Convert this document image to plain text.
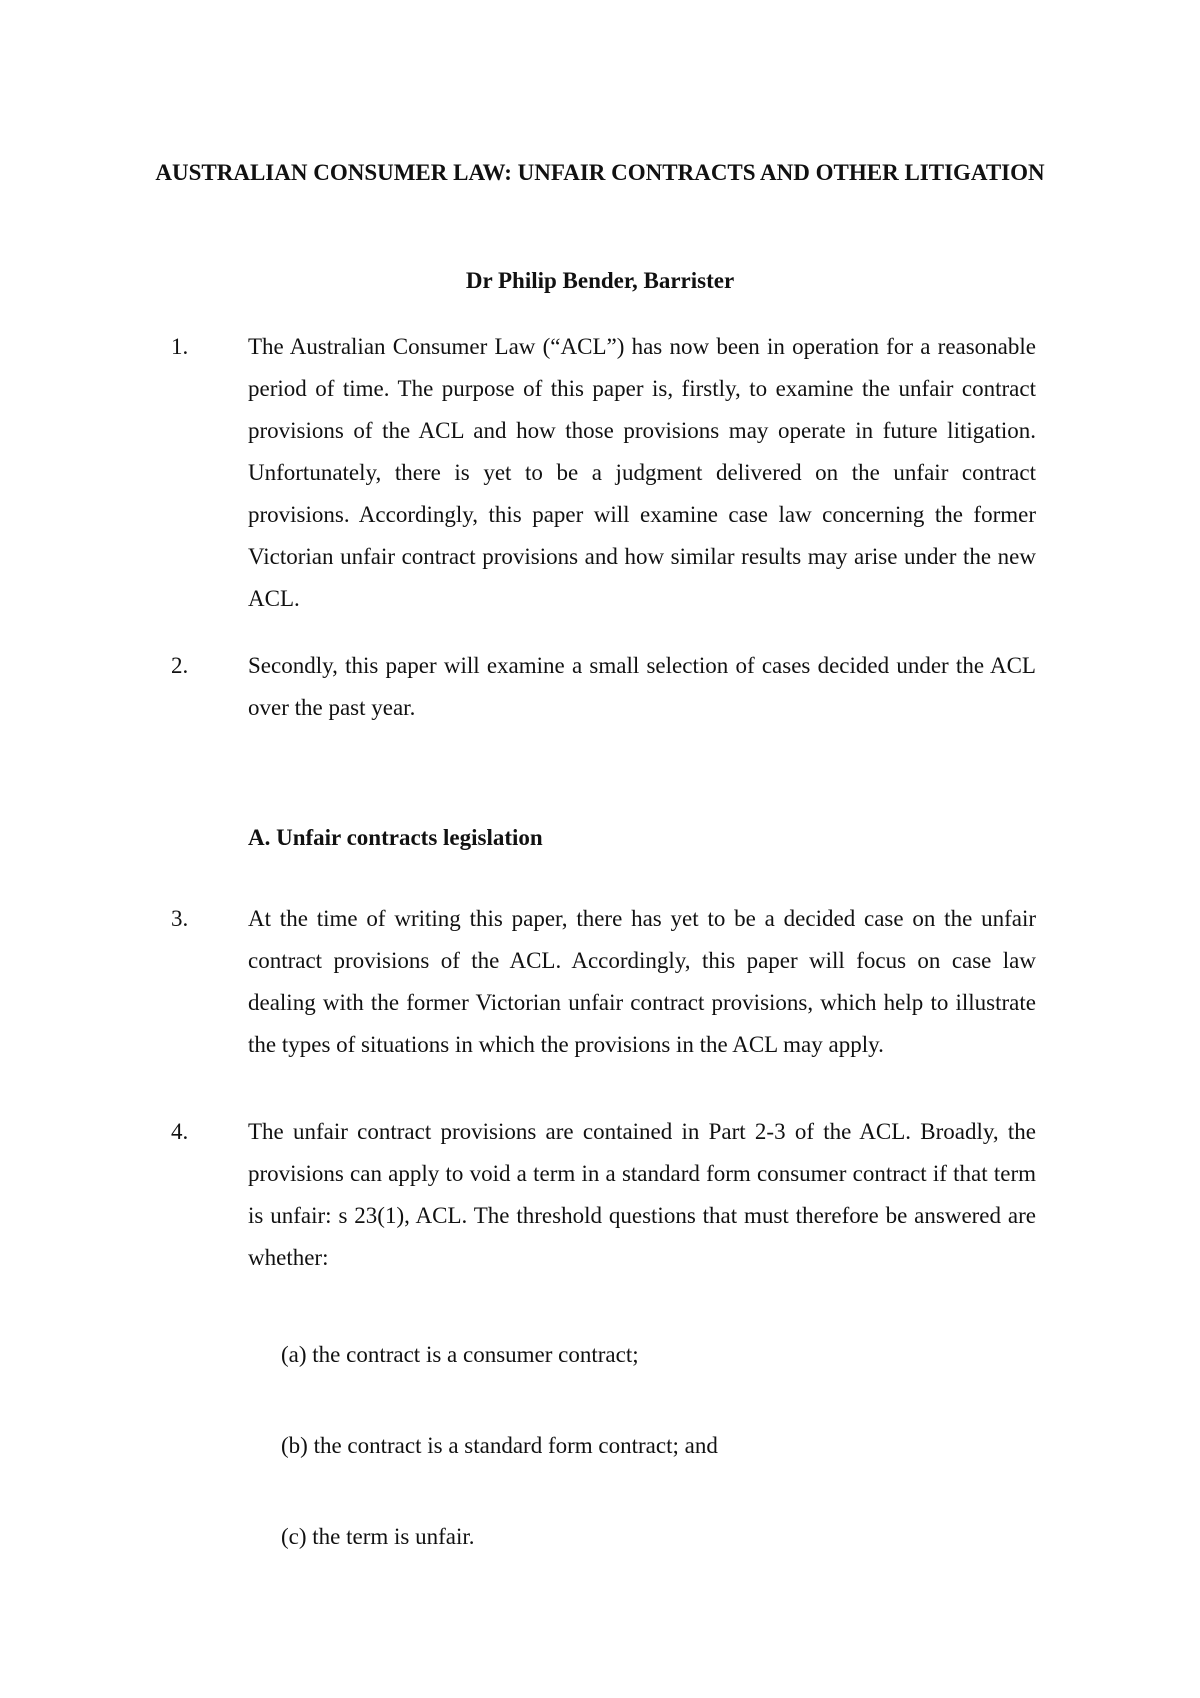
AUSTRALIAN CONSUMER LAW: UNFAIR CONTRACTS AND OTHER LITIGATION

Dr Philip Bender, Barrister

1.	The Australian Consumer Law (“ACL”) has now been in operation for a reasonable period of time. The purpose of this paper is, firstly, to examine the unfair contract provisions of the ACL and how those provisions may operate in future litigation. Unfortunately, there is yet to be a judgment delivered on the unfair contract provisions. Accordingly, this paper will examine case law concerning the former Victorian unfair contract provisions and how similar results may arise under the new ACL.

2.	Secondly, this paper will examine a small selection of cases decided under the ACL over the past year.

A. Unfair contracts legislation
3.	At the time of writing this paper, there has yet to be a decided case on the unfair contract provisions of the ACL. Accordingly, this paper will focus on case law dealing with the former Victorian unfair contract provisions, which help to illustrate the types of situations in which the provisions in the ACL may apply.

4.	The unfair contract provisions are contained in Part 2-3 of the ACL. Broadly, the provisions can apply to void a term in a standard form consumer contract if that term is unfair: s 23(1), ACL. The threshold questions that must therefore be answered are whether:

(a) the contract is a consumer contract;

(b) the contract is a standard form contract; and

(c) the term is unfair.
